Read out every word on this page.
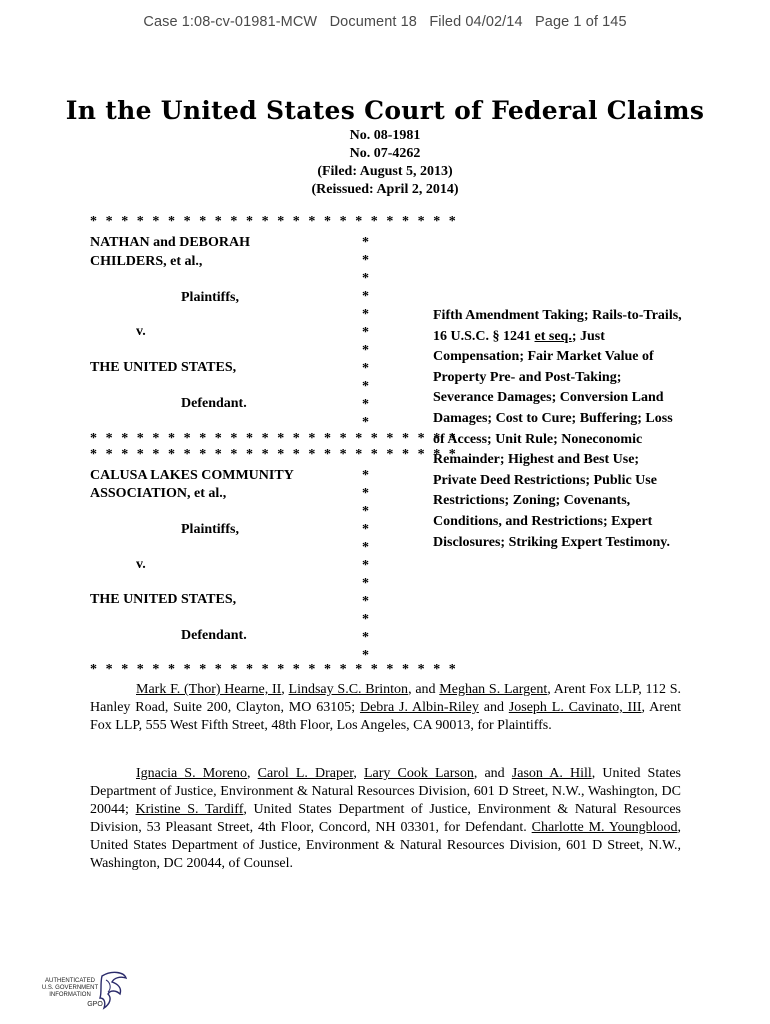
Case 1:08-cv-01981-MCW   Document 18   Filed 04/02/14   Page 1 of 145
In the United States Court of Federal Claims
No. 08-1981
No. 07-4262
(Filed: August 5, 2013)
(Reissued: April 2, 2014)
* * * * * * * * * * * * * * * * * * * * * * * *
NATHAN and DEBORAH
CHILDERS, et al.,
Plaintiffs,
v.
THE UNITED STATES,
Defendant.
*
*
*
*
*
*
*
*
*
*
*
* * * * * * * * * * * * * * * * * * * * * * * *
* * * * * * * * * * * * * * * * * * * * * * * *
CALUSA LAKES COMMUNITY
ASSOCIATION, et al.,
Plaintiffs,
v.
THE UNITED STATES,
Defendant.
*
*
*
*
*
*
*
*
*
*
*
* * * * * * * * * * * * * * * * * * * * * * * *
Fifth Amendment Taking; Rails-to-Trails, 16 U.S.C. § 1241 et seq.; Just Compensation; Fair Market Value of Property Pre- and Post-Taking; Severance Damages; Conversion Land Damages; Cost to Cure; Buffering; Loss of Access; Unit Rule; Noneconomic Remainder; Highest and Best Use; Private Deed Restrictions; Public Use Restrictions; Zoning; Covenants, Conditions, and Restrictions; Expert Disclosures; Striking Expert Testimony.
Mark F. (Thor) Hearne, II, Lindsay S.C. Brinton, and Meghan S. Largent, Arent Fox LLP, 112 S. Hanley Road, Suite 200, Clayton, MO 63105; Debra J. Albin-Riley and Joseph L. Cavinato, III, Arent Fox LLP, 555 West Fifth Street, 48th Floor, Los Angeles, CA 90013, for Plaintiffs.
Ignacia S. Moreno, Carol L. Draper, Lary Cook Larson, and Jason A. Hill, United States Department of Justice, Environment & Natural Resources Division, 601 D Street, N.W., Washington, DC 20044; Kristine S. Tardiff, United States Department of Justice, Environment & Natural Resources Division, 53 Pleasant Street, 4th Floor, Concord, NH 03301, for Defendant. Charlotte M. Youngblood, United States Department of Justice, Environment & Natural Resources Division, 601 D Street, N.W., Washington, DC 20044, of Counsel.
AUTHENTICATED
U.S. GOVERNMENT
INFORMATION
GPO
